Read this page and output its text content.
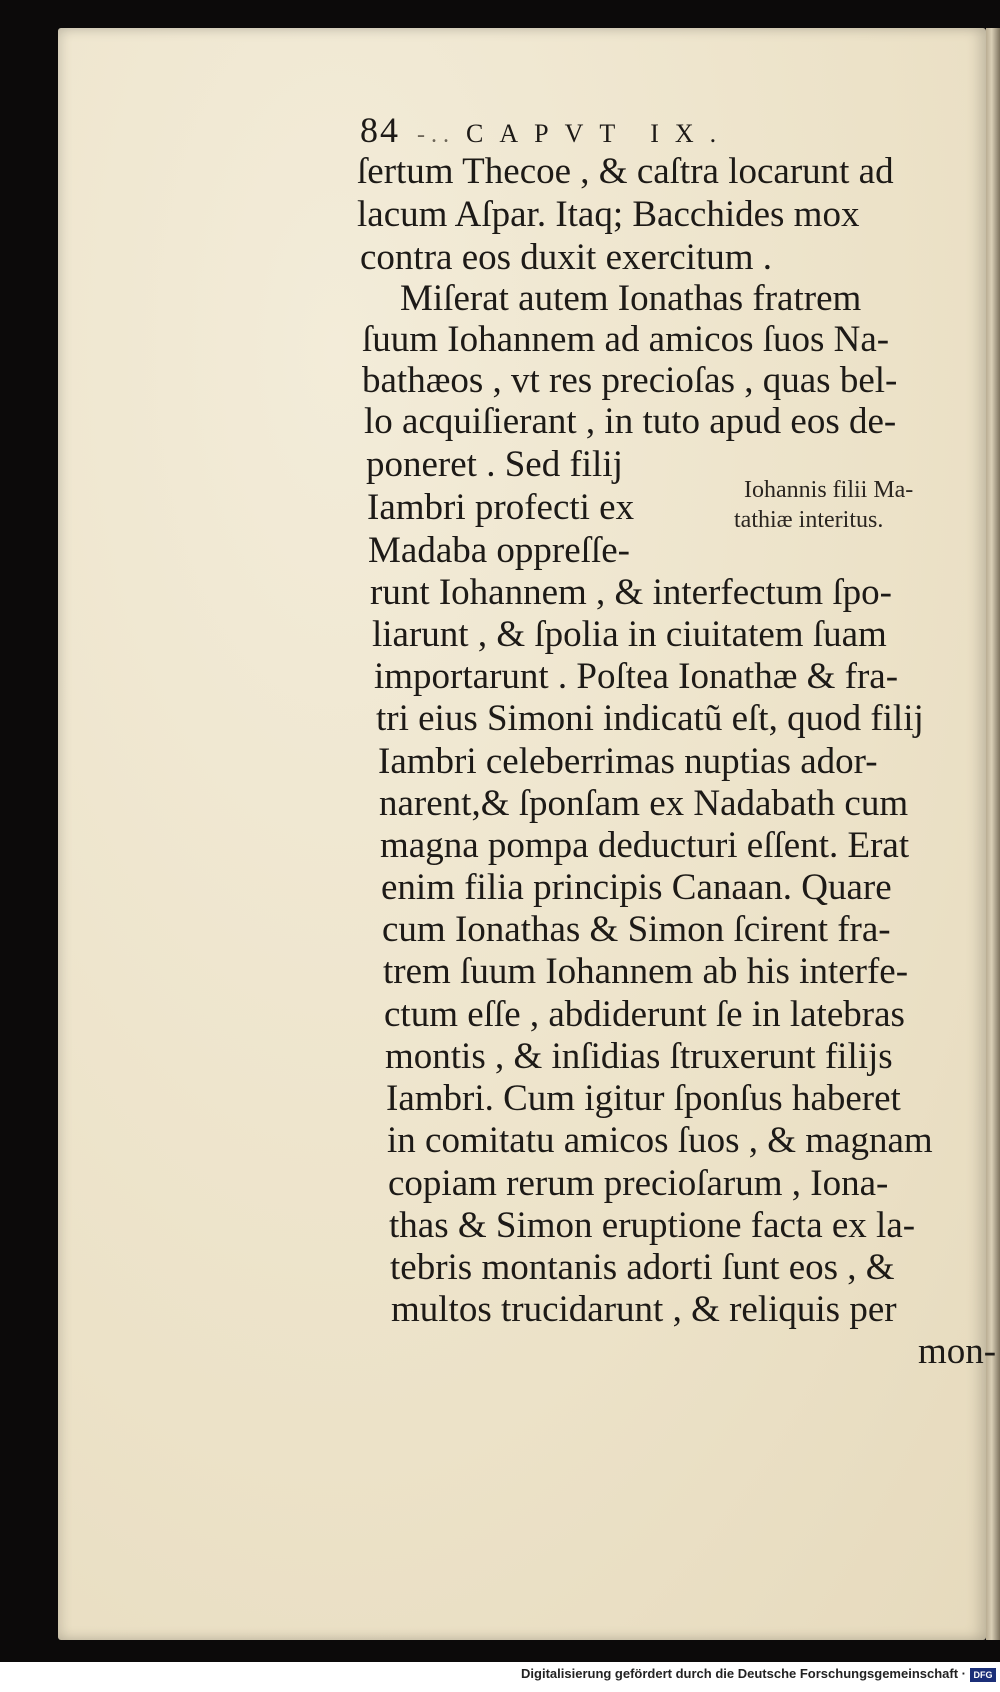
84 - . . CAPVT IX.
ſertum Thecoe , & caſtra locarunt ad
lacum Aſpar. Itaq; Bacchides mox
contra eos duxit exercitum .
Miſerat autem Ionathas fratrem
ſuum Iohannem ad amicos ſuos Na-
bathæos , vt res precioſas , quas bel-
lo acquiſierant , in tuto apud eos de-
poneret . Sed filij
Iambri profecti ex
Madaba oppreſſe-
runt Iohannem , & interfectum ſpo-
liarunt , & ſpolia in ciuitatem ſuam
importarunt . Poſtea Ionathæ & fra-
tri eius Simoni indicatũ eſt, quod filij
Iambri celeberrimas nuptias ador-
narent,& ſponſam ex Nadabath cum
magna pompa deducturi eſſent. Erat
enim filia principis Canaan. Quare
cum Ionathas & Simon ſcirent fra-
trem ſuum Iohannem ab his interfe-
ctum eſſe , abdiderunt ſe in latebras
montis , & inſidias ſtruxerunt filijs
Iambri. Cum igitur ſponſus haberet
in comitatu amicos ſuos , & magnam
copiam rerum precioſarum , Iona-
thas & Simon eruptione facta ex la-
tebris montanis adorti ſunt eos , &
multos trucidarunt , & reliquis per
mon-
Iohannis filii Ma-
tathiæ interitus.
Digitalisierung gefördert durch die Deutsche Forschungsgemeinschaft · DFG
